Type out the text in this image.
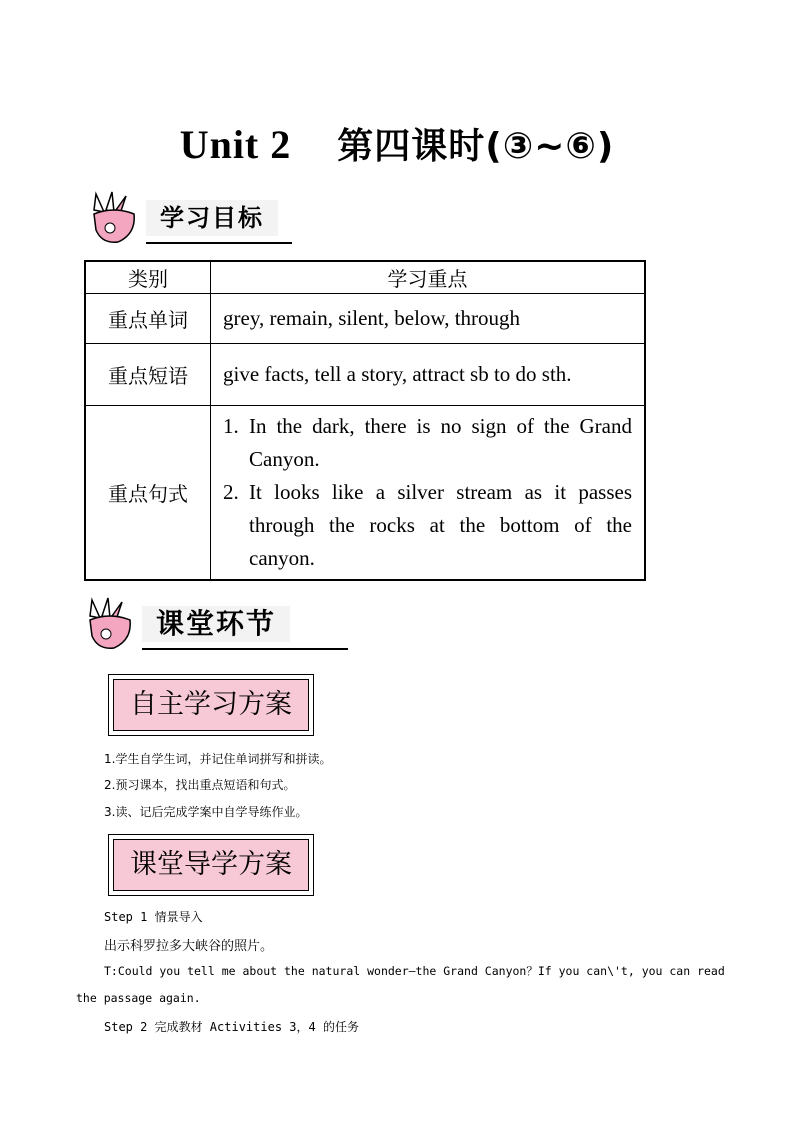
Unit 2 第四课时(③~⑥)
学习目标
类别	学习重点
重点单词	grey, remain, silent, below, through
重点短语	give facts, tell a story, attract sb to do sth.
重点句式	1. In the dark, there is no sign of the Grand Canyon.
2. It looks like a silver stream as it passes through the rocks at the bottom of the canyon.
课堂环节
自主学习方案
1.学生自学生词，并记住单词拼写和拼读。
2.预习课本，找出重点短语和句式。
3.读、记后完成学案中自学导练作业。
课堂导学方案
Step 1 情景导入
出示科罗拉多大峡谷的照片。
T:Could you tell me about the natural wonder—the Grand Canyon？If you can\'t, you can read
the passage again.
Step 2 完成教材 Activities 3，4 的任务
